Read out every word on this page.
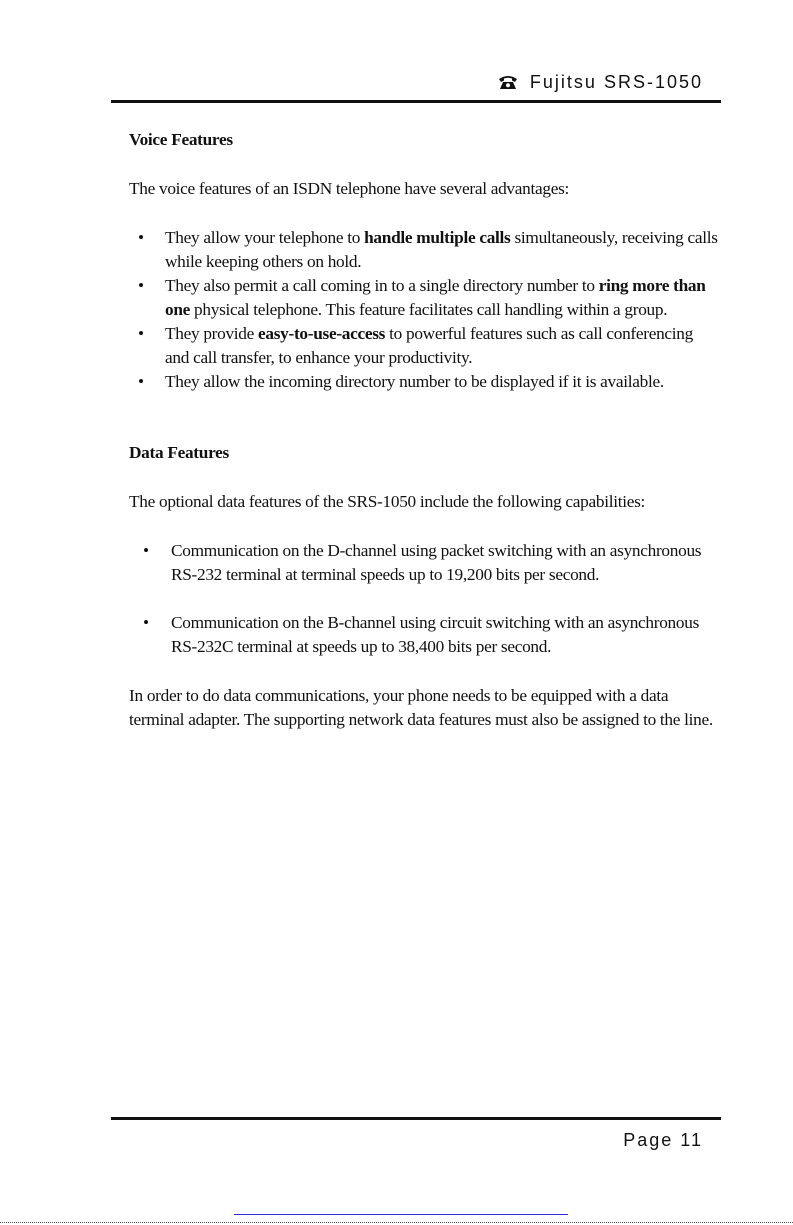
Fujitsu SRS-1050
Voice Features

The voice features of an ISDN telephone have several advantages:

• They allow your telephone to handle multiple calls simultaneously, receiving calls while keeping others on hold.
• They also permit a call coming in to a single directory number to ring more than one physical telephone. This feature facilitates call handling within a group.
• They provide easy-to-use-access to powerful features such as call conferencing and call transfer, to enhance your productivity.
• They allow the incoming directory number to be displayed if it is available.
Data Features

The optional data features of the SRS-1050 include the following capabilities:

• Communication on the D-channel using packet switching with an asynchronous RS-232 terminal at terminal speeds up to 19,200 bits per second.
• Communication on the B-channel using circuit switching with an asynchronous RS-232C terminal at speeds up to 38,400 bits per second.

In order to do data communications, your phone needs to be equipped with a data terminal adapter. The supporting network data features must also be assigned to the line.

Page 11
